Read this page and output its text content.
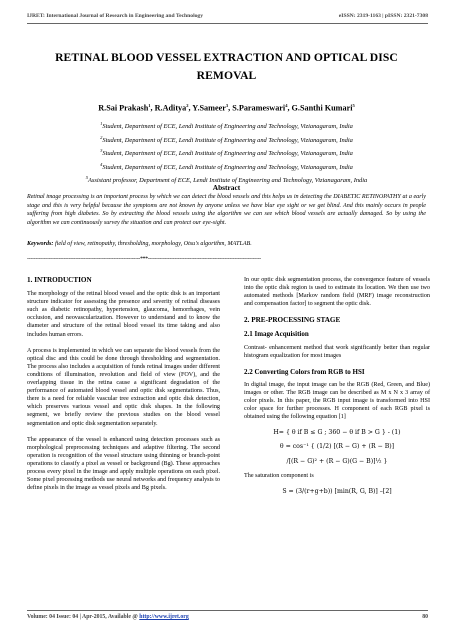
IJRET: International Journal of Research in Engineering and Technology	eISSN: 2319-1163 | pISSN: 2321-7308
RETINAL BLOOD VESSEL EXTRACTION AND OPTICAL DISC REMOVAL
R.Sai Prakash$^1$, R.Aditya$^2$, Y.Sameer$^3$, S.Parameswari$^4$, G.Santhi Kumari$^5$
$^1$Student, Department of ECE, Lendi Institute of Engineering and Technology, Vizianagaram, India
$^2$Student, Department of ECE, Lendi Institute of Engineering and Technology, Vizianagaram, India
$^3$Student, Department of ECE, Lendi Institute of Engineering and Technology, Vizianagaram, India
$^4$Student, Department of ECE, Lendi Institute of Engineering and Technology, Vizianagaram, India
$^5$Assistant professor, Department of ECE, Lendi Institute of Engineering and Technology, Vizianagaram, India
Abstract
Retinal image processing is an important process by which we can detect the blood vessels and this helps us in detecting the DIABETIC RETINOPATHY at a early stage and this is very helpful because the symptoms are not known by anyone unless we have blur eye sight or we get blind. And this mainly occurs in people suffering from high diabetes. So by extracting the blood vessels using the algorithm we can see which blood vessels are actually damaged. So by using the algorithm we can continuously survey the situation and can protect our eye-sight.
Keywords: field of view, retinopathy, thresholding, morphology, Otsu's algorithm, MATLAB.
--------------------------------------------------------------------***--------------------------------------------------------------------
1. INTRODUCTION

The morphology of the retinal blood vessel and the optic disk is an important structure indicator for assessing the presence and severity of retinal diseases such as diabetic retinopathy, hypertension, glaucoma, hemorrhages, vein occlusion, and neovascularization. However to understand and to know the diameter and structure of the retinal blood vessel its time taking and also includes human errors.

A process is implemented in which we can separate the blood vessels from the optical disc and this could be done through thresholding and segmentation. The process also includes a acquisition of funds retinal images under different conditions of illumination, revolution and field of view (FOV), and the overlapping tissue in the retina cause a significant degradation of the performance of automated blood vessel and optic disk segmentations. Thus, there is a need for reliable vascular tree extraction and optic disk detection, which preserves various vessel and optic disk shapes. In the following segment, we briefly review the previous studies on the blood vessel segmentation and optic disk segmentation separately.

The appearance of the vessel is enhanced using detection processes such as morphological preprocessing techniques and adaptive filtering. The second operation is recognition of the vessel structure using thinning or branch-point operations to classify a pixel as vessel or background (Bg). These approaches process every pixel in the image and apply multiple operations on each pixel. Some pixel processing methods use neural networks and frequency analysis to define pixels in the image as vessel pixels and Bg pixels.

In our optic disk segmentation process, the convergence feature of vessels into the optic disk region is used to estimate its location. We then use two automated methods [Markov random field (MRF) image reconstruction and compensation factor] to segment the optic disk.

2. PRE-PROCESSING STAGE
2.1 Image Acquisition

Contrast- enhancement method that work significantly better than regular histogram equalization for most images

2.2 Converting Colors from RGB to HSI

In digital image, the input image can be the RGB (Red, Green, and Blue) images or other. The RGB image can be described as M x N x 3 array of color pixels. In this paper, the RGB input image is transformed into HSI color space for further processes. H component of each RGB pixel is obtained using the following equation [1]

H= { θ if B ≤ G ; 360 − θ if B > G } - (1)
θ = cos⁻¹ { (1/2) [(R − G) + (R − B)]
/[(R − G)² + (R − G)(G − B)]½ }

The saturation component is

S = (3/(r+g+b)) [min(R, G, B)] –[2]
Volume: 04 Issue: 04 | Apr-2015, Available @ http://www.ijret.org	80
